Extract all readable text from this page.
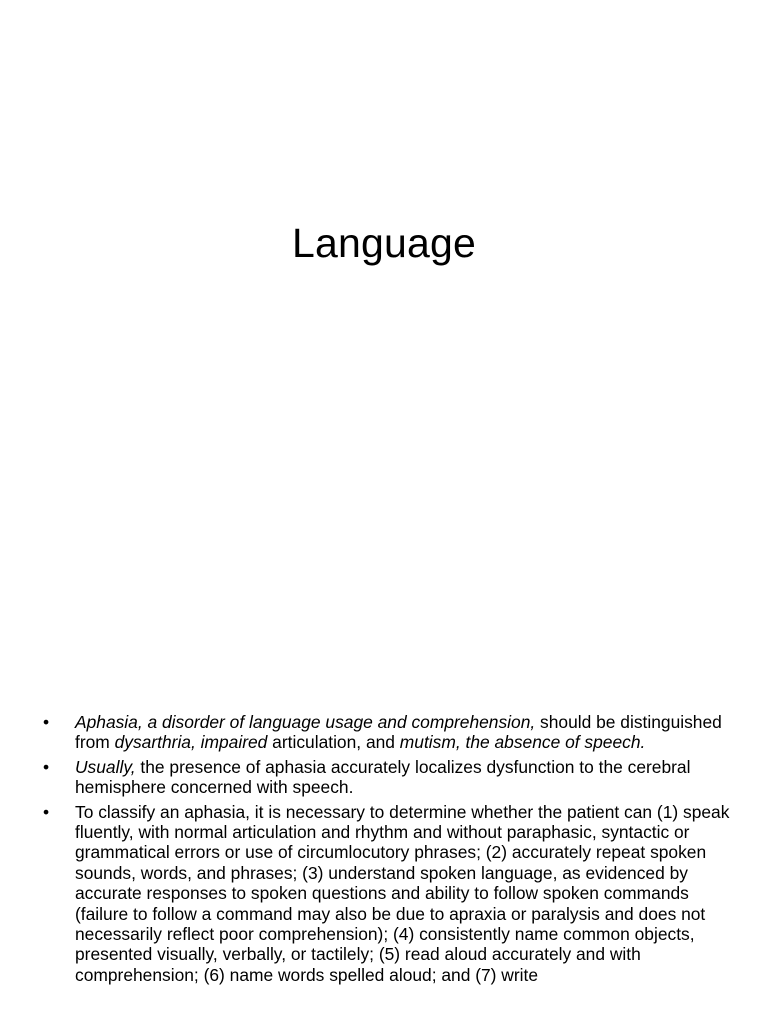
Language
• Aphasia, a disorder of language usage and comprehension, should be distinguished from dysarthria, impaired articulation, and mutism, the absence of speech.
• Usually, the presence of aphasia accurately localizes dysfunction to the cerebral hemisphere concerned with speech.
• To classify an aphasia, it is necessary to determine whether the patient can (1) speak fluently, with normal articulation and rhythm and without paraphasic, syntactic or grammatical errors or use of circumlocutory phrases; (2) accurately repeat spoken sounds, words, and phrases; (3) understand spoken language, as evidenced by accurate responses to spoken questions and ability to follow spoken commands (failure to follow a command may also be due to apraxia or paralysis and does not necessarily reflect poor comprehension); (4) consistently name common objects, presented visually, verbally, or tactilely; (5) read aloud accurately and with comprehension; (6) name words spelled aloud; and (7) write
